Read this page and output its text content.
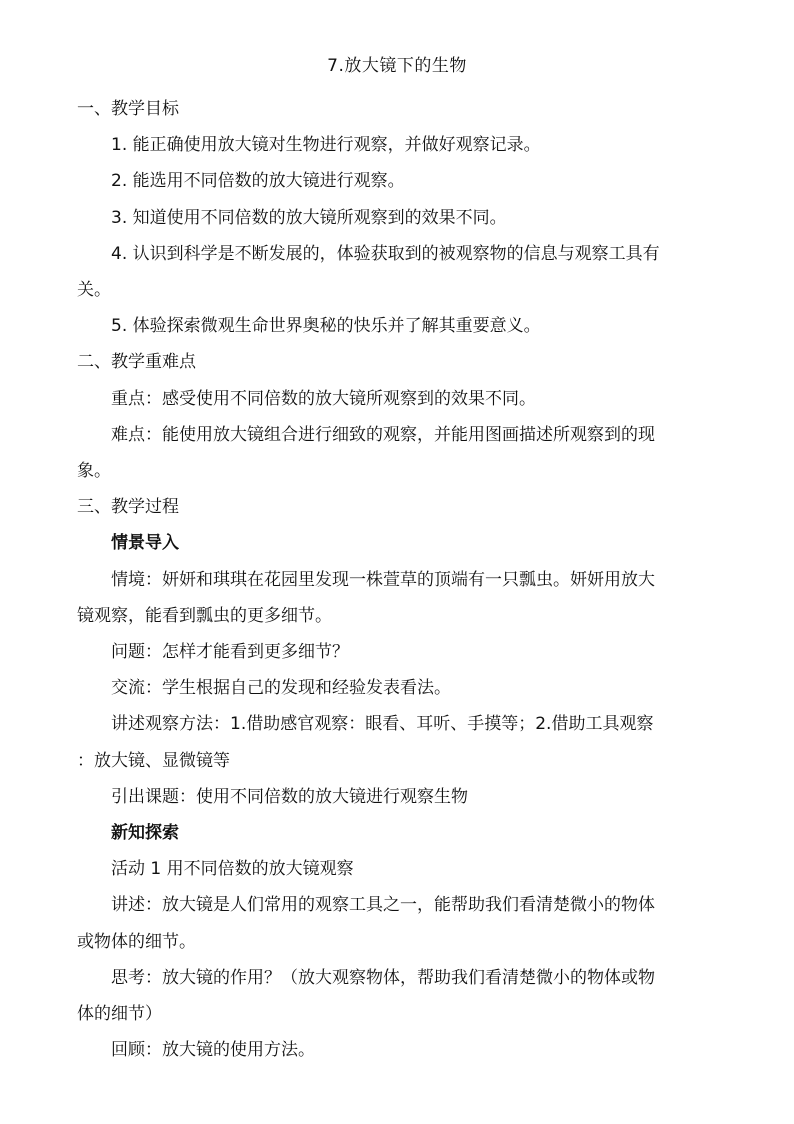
7.放大镜下的生物
一、教学目标
1. 能正确使用放大镜对生物进行观察，并做好观察记录。
2. 能选用不同倍数的放大镜进行观察。
3. 知道使用不同倍数的放大镜所观察到的效果不同。
4. 认识到科学是不断发展的，体验获取到的被观察物的信息与观察工具有
关。
5. 体验探索微观生命世界奥秘的快乐并了解其重要意义。
二、教学重难点
重点：感受使用不同倍数的放大镜所观察到的效果不同。
难点：能使用放大镜组合进行细致的观察，并能用图画描述所观察到的现
象。
三、教学过程
情景导入
情境：妍妍和琪琪在花园里发现一株萱草的顶端有一只瓢虫。妍妍用放大
镜观察，能看到瓢虫的更多细节。
问题：怎样才能看到更多细节？
交流：学生根据自己的发现和经验发表看法。
讲述观察方法：1.借助感官观察：眼看、耳听、手摸等；2.借助工具观察
：放大镜、显微镜等
引出课题：使用不同倍数的放大镜进行观察生物
新知探索
活动 1 用不同倍数的放大镜观察
讲述：放大镜是人们常用的观察工具之一，能帮助我们看清楚微小的物体
或物体的细节。
思考：放大镜的作用？（放大观察物体，帮助我们看清楚微小的物体或物
体的细节）
回顾：放大镜的使用方法。
